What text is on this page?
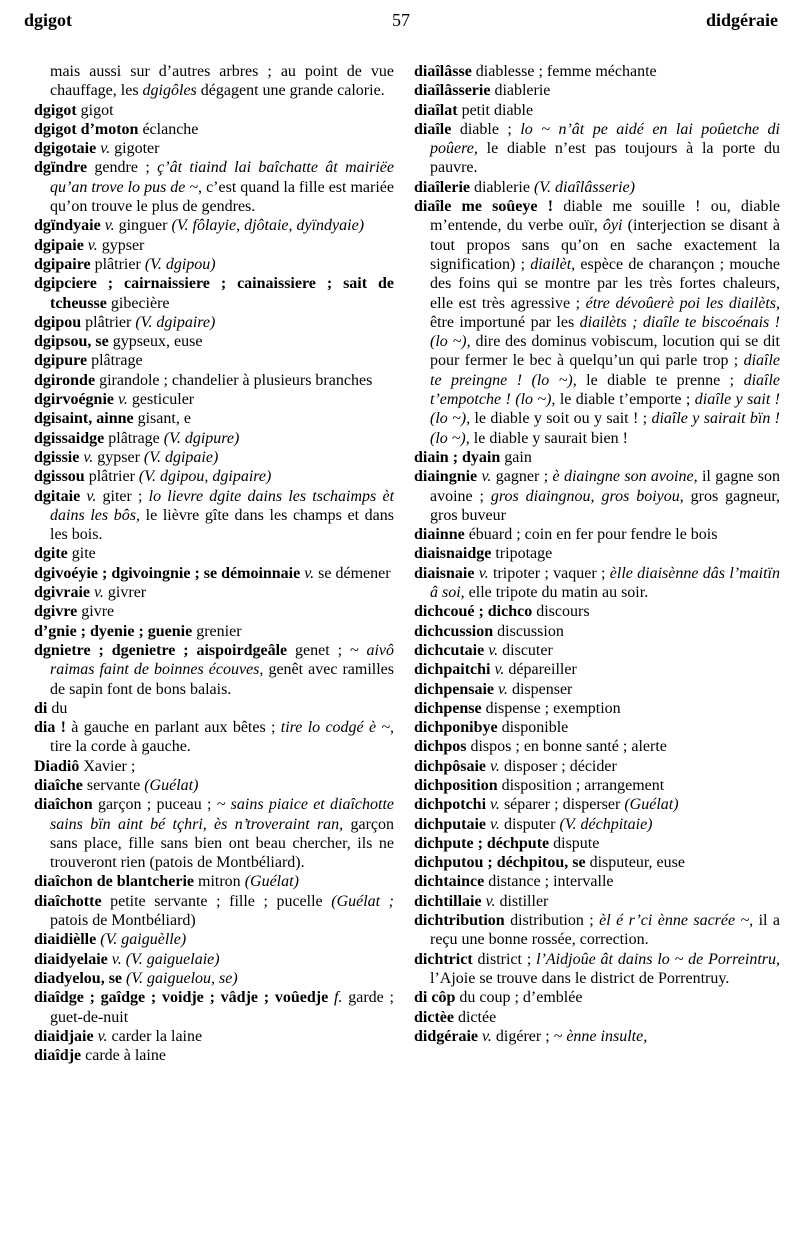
dgigot	57	didgéraie

mais aussi sur d’autres arbres ; au point de vue chauffage, les dgigôles dégagent une grande calorie.

dgigot gigot

dgigot d’moton éclanche

dgigotaie v. gigoter

dgïndre gendre ; ç’ât tiaind lai baîchatte ât mairiëe qu’an trove lo pus de ~, c’est quand la fille est mariée qu’on trouve le plus de gendres.

dgïndyaie v. ginguer (V. fôlayie, djôtaie, dyïndyaie)

dgipaie v. gypser

dgipaire plâtrier (V. dgipou)

dgipciere ; cairnaissiere ; cainaissiere ; sait de tcheusse gibecière

dgipou plâtrier (V. dgipaire)

dgipsou, se gypseux, euse

dgipure plâtrage

dgironde girandole ; chandelier à plusieurs branches

dgirvoégnie v. gesticuler

dgisaint, ainne gisant, e

dgissaidge plâtrage (V. dgipure)

dgissie v. gypser (V. dgipaie)

dgissou plâtrier (V. dgipou, dgipaire)

dgitaie v. giter ; lo lievre dgite dains les tschaimps èt dains les bôs, le lièvre gîte dans les champs et dans les bois.

dgite gite

dgivoéyie ; dgivoingnie ; se démoinnaie v. se démener

dgivraie v. givrer

dgivre givre

d’gnie ; dyenie ; guenie grenier

dgnietre ; dgenietre ; aispoirdgeâle genet ; ~ aivô raimas faint de boinnes écouves, genêt avec ramilles de sapin font de bons balais.

di du

dia ! à gauche en parlant aux bêtes ; tire lo codgé è ~, tire la corde à gauche.

Diadiô Xavier ;

diaîche servante (Guélat)

diaîchon garçon ; puceau ; ~ sains piaice et diaîchotte sains bïn aint bé tçhri, ès n’troveraint ran, garçon sans place, fille sans bien ont beau chercher, ils ne trouveront rien (patois de Montbéliard).

diaîchon de blantcherie mitron (Guélat)

diaîchotte petite servante ; fille ; pucelle (Guélat ; patois de Montbéliard)

diaidièlle (V. gaiguèlle)

diaidyelaie v. (V. gaiguelaie)

diadyelou, se (V. gaiguelou, se)

diaîdge ; gaîdge ; voidje ; vâdje ; voûedje f. garde ; guet-de-nuit

diaidjaie v. carder la laine

diaîdje carde à laine

diaîlâsse diablesse ; femme méchante

diaîlâsserie diablerie

diaîlat petit diable

diaîle diable ; lo ~ n’ât pe aidé en lai poûetche di poûere, le diable n’est pas toujours à la porte du pauvre.

diaîlerie diablerie (V. diaîlâsserie)

diaîle me soûeye ! diable me souille ! ou, diable m’entende, du verbe ouïr, ôyi (interjection se disant à tout propos sans qu’on en sache exactement la signification) ; diailèt, espèce de charançon ; mouche des foins qui se montre par les très fortes chaleurs, elle est très agressive ; étre dévoûerè poi les diailèts, être importuné par les diailèts ; diaîle te biscoénais ! (lo ~), dire des dominus vobiscum, locution qui se dit pour fermer le bec à quelqu’un qui parle trop ; diaîle te preingne ! (lo ~), le diable te prenne ; diaîle t’empotche ! (lo ~), le diable t’emporte ; diaîle y sait ! (lo ~), le diable y soit ou y sait ! ; diaîle y sairait bïn ! (lo ~), le diable y saurait bien !

diain ; dyain gain

diaingnie v. gagner ; è diaingne son avoine, il gagne son avoine ; gros diaingnou, gros boiyou, gros gagneur, gros buveur

diainne ébuard ; coin en fer pour fendre le bois

diaisnaidge tripotage

diaisnaie v. tripoter ; vaquer ; èlle diaisènne dâs l’maitïn â soi, elle tripote du matin au soir.

dichcoué ; dichco discours

dichcussion discussion

dichcutaie v. discuter

dichpaitchi v. dépareiller

dichpensaie v. dispenser

dichpense dispense ; exemption

dichponibye disponible

dichpos dispos ; en bonne santé ; alerte

dichpôsaie v. disposer ; décider

dichposition disposition ; arrangement

dichpotchi v. séparer ; disperser (Guélat)

dichputaie v. disputer (V. déchpitaie)

dichpute ; déchpute dispute

dichputou ; déchpitou, se disputeur, euse

dichtaince distance ; intervalle

dichtillaie v. distiller

dichtribution distribution ; èl é r’ci ènne sacrée ~, il a reçu une bonne rossée, correction.

dichtrict district ; l’Aidjoûe ât dains lo ~ de Porreintru, l’Ajoie se trouve dans le district de Porrentruy.

di côp du coup ; d’emblée

dictèe dictée

didgéraie v. digérer ; ~ ènne insulte,
